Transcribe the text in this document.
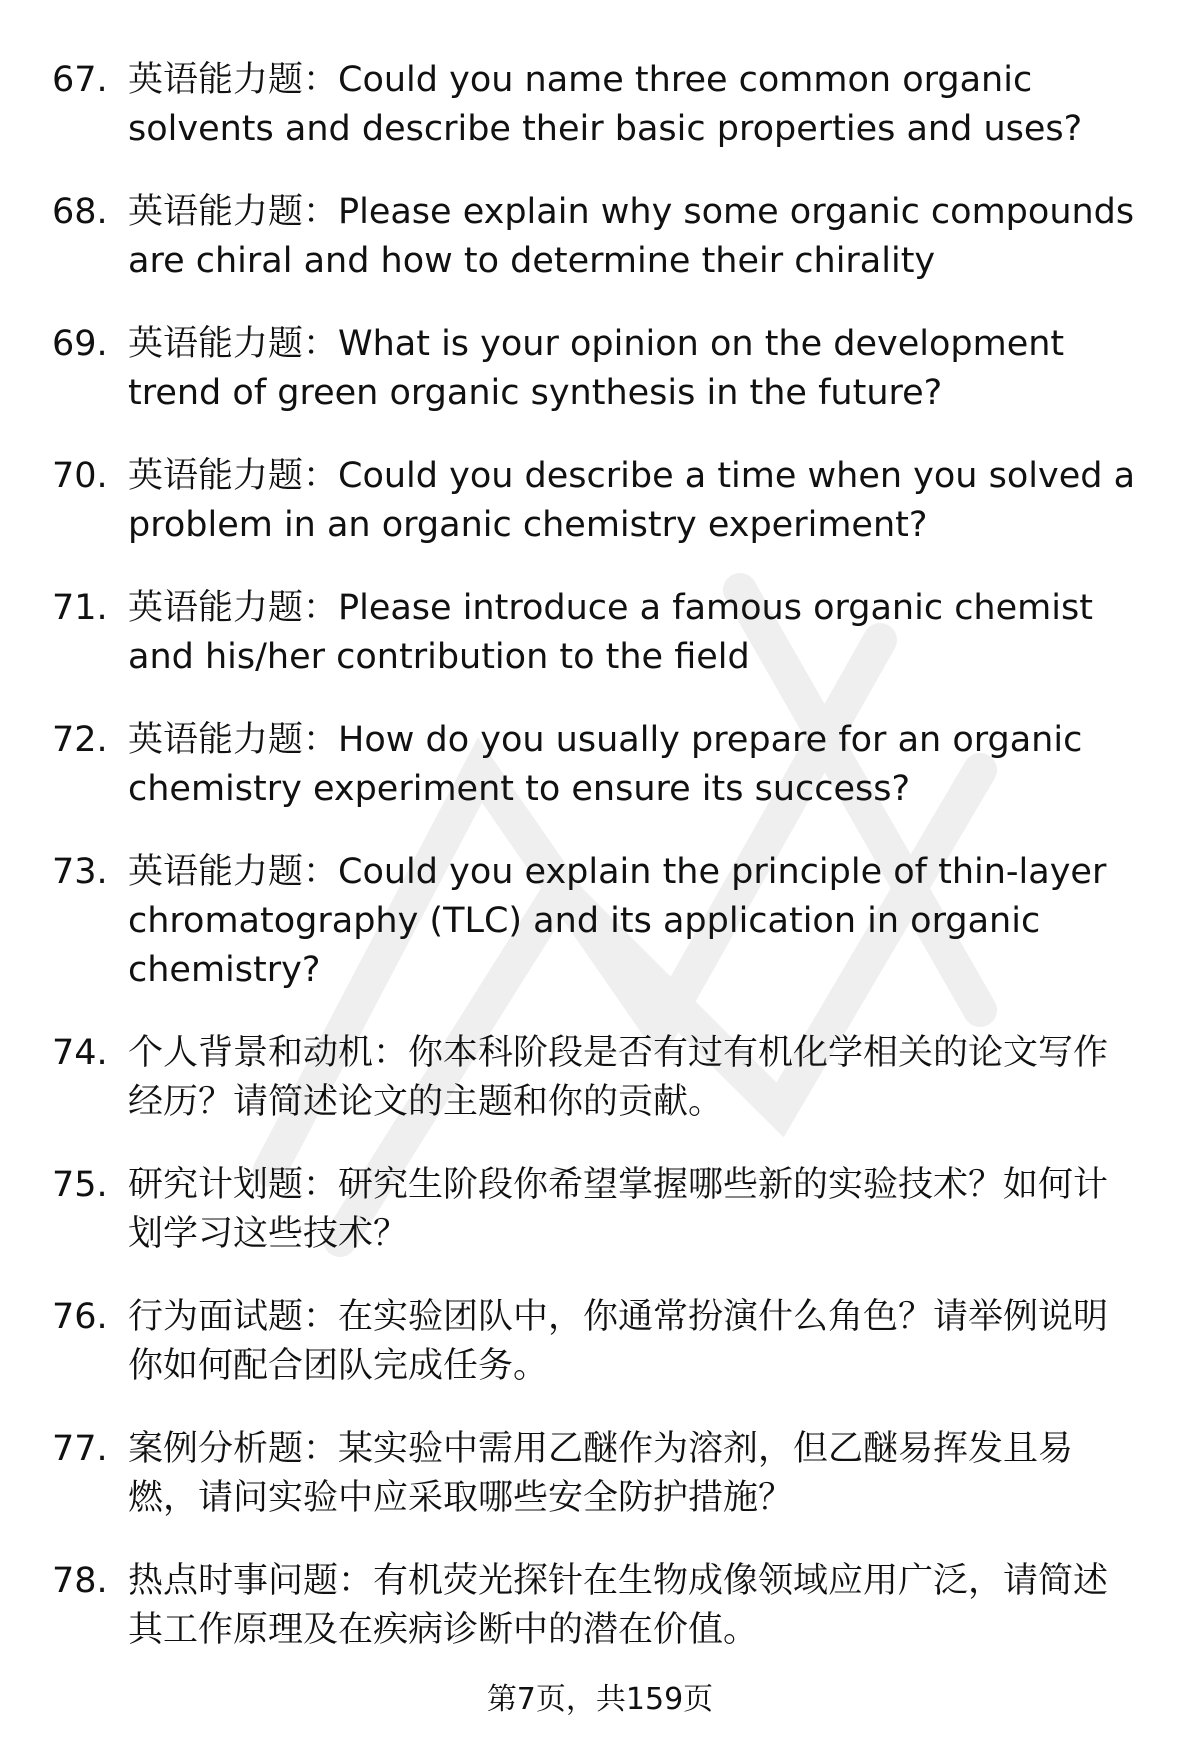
67. 英语能力题：Could you name three common organic
solvents and describe their basic properties and uses?
68. 英语能力题：Please explain why some organic compounds
are chiral and how to determine their chirality
69. 英语能力题：What is your opinion on the development
trend of green organic synthesis in the future?
70. 英语能力题：Could you describe a time when you solved a
problem in an organic chemistry experiment?
71. 英语能力题：Please introduce a famous organic chemist
and his/her contribution to the field
72. 英语能力题：How do you usually prepare for an organic
chemistry experiment to ensure its success?
73. 英语能力题：Could you explain the principle of thin-layer
chromatography (TLC) and its application in organic
chemistry?
74. 个人背景和动机：你本科阶段是否有过有机化学相关的论文写作
经历？请简述论文的主题和你的贡献。
75. 研究计划题：研究生阶段你希望掌握哪些新的实验技术？如何计
划学习这些技术？
76. 行为面试题：在实验团队中，你通常扮演什么角色？请举例说明
你如何配合团队完成任务。
77. 案例分析题：某实验中需用乙醚作为溶剂，但乙醚易挥发且易
燃，请问实验中应采取哪些安全防护措施？
78. 热点时事问题：有机荧光探针在生物成像领域应用广泛，请简述
其工作原理及在疾病诊断中的潜在价值。
第7页，共159页
